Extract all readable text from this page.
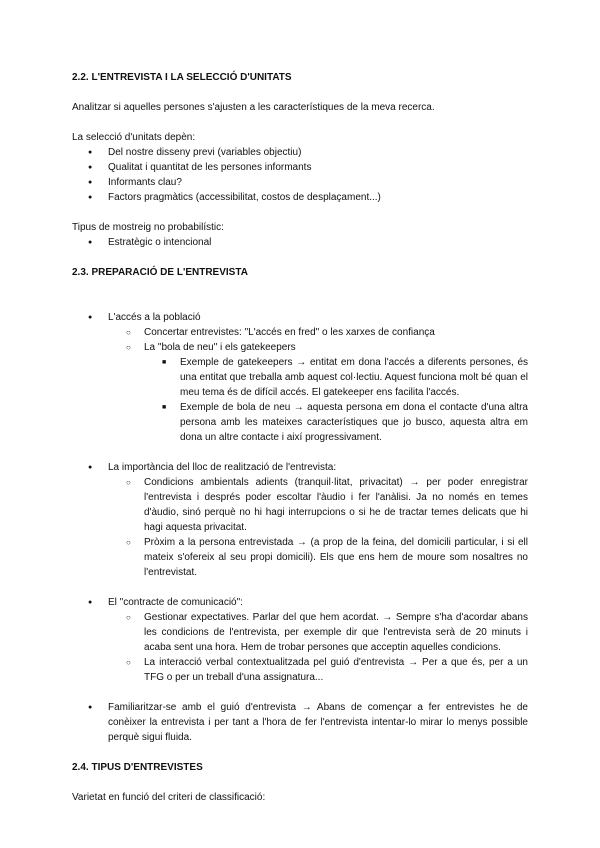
2.2. L'ENTREVISTA I LA SELECCIÓ D'UNITATS

Analitzar si aquelles persones s'ajusten a les característiques de la meva recerca.

La selecció d'unitats depèn:

● Del nostre disseny previ (variables objectiu)
● Qualitat i quantitat de les persones informants
● Informants clau?
● Factors pragmàtics (accessibilitat, costos de desplaçament...)

Tipus de mostreig no probabilístic:

● Estratègic o intencional

2.3. PREPARACIÓ DE L'ENTREVISTA

● L'accés a la població
○ Concertar entrevistes: "L'accés en fred" o les xarxes de confiança
○ La "bola de neu" i els gatekeepers
■ Exemple de gatekeepers → entitat em dona l'accés a diferents persones, és una entitat que treballa amb aquest col·lectiu. Aquest funciona molt bé quan el meu tema és de difícil accés. El gatekeeper ens facilita l'accés.
■ Exemple de bola de neu → aquesta persona em dona el contacte d'una altra persona amb les mateixes característiques que jo busco, aquesta altra em dona un altre contacte i així progressivament.
● La importància del lloc de realització de l'entrevista:
○ Condicions ambientals adients (tranquil·litat, privacitat) → per poder enregistrar l'entrevista i després poder escoltar l'àudio i fer l'anàlisi. Ja no només en temes d'àudio, sinó perquè no hi hagi interrupcions o si he de tractar temes delicats que hi hagi aquesta privacitat.
○ Pròxim a la persona entrevistada → (a prop de la feina, del domicili particular, i si ell mateix s'ofereix al seu propi domicili). Els que ens hem de moure som nosaltres no l'entrevistat.
● El "contracte de comunicació":
○ Gestionar expectatives. Parlar del que hem acordat. → Sempre s'ha d'acordar abans les condicions de l'entrevista, per exemple dir que l'entrevista serà de 20 minuts i acaba sent una hora. Hem de trobar persones que acceptin aquelles condicions.
○ La interacció verbal contextualitzada pel guió d'entrevista → Per a que és, per a un TFG o per un treball d'una assignatura...
● Familiaritzar-se amb el guió d'entrevista → Abans de començar a fer entrevistes he de conèixer la entrevista i per tant a l'hora de fer l'entrevista intentar-lo mirar lo menys possible perquè sigui fluida.

2.4. TIPUS D'ENTREVISTES

Varietat en funció del criteri de classificació:
